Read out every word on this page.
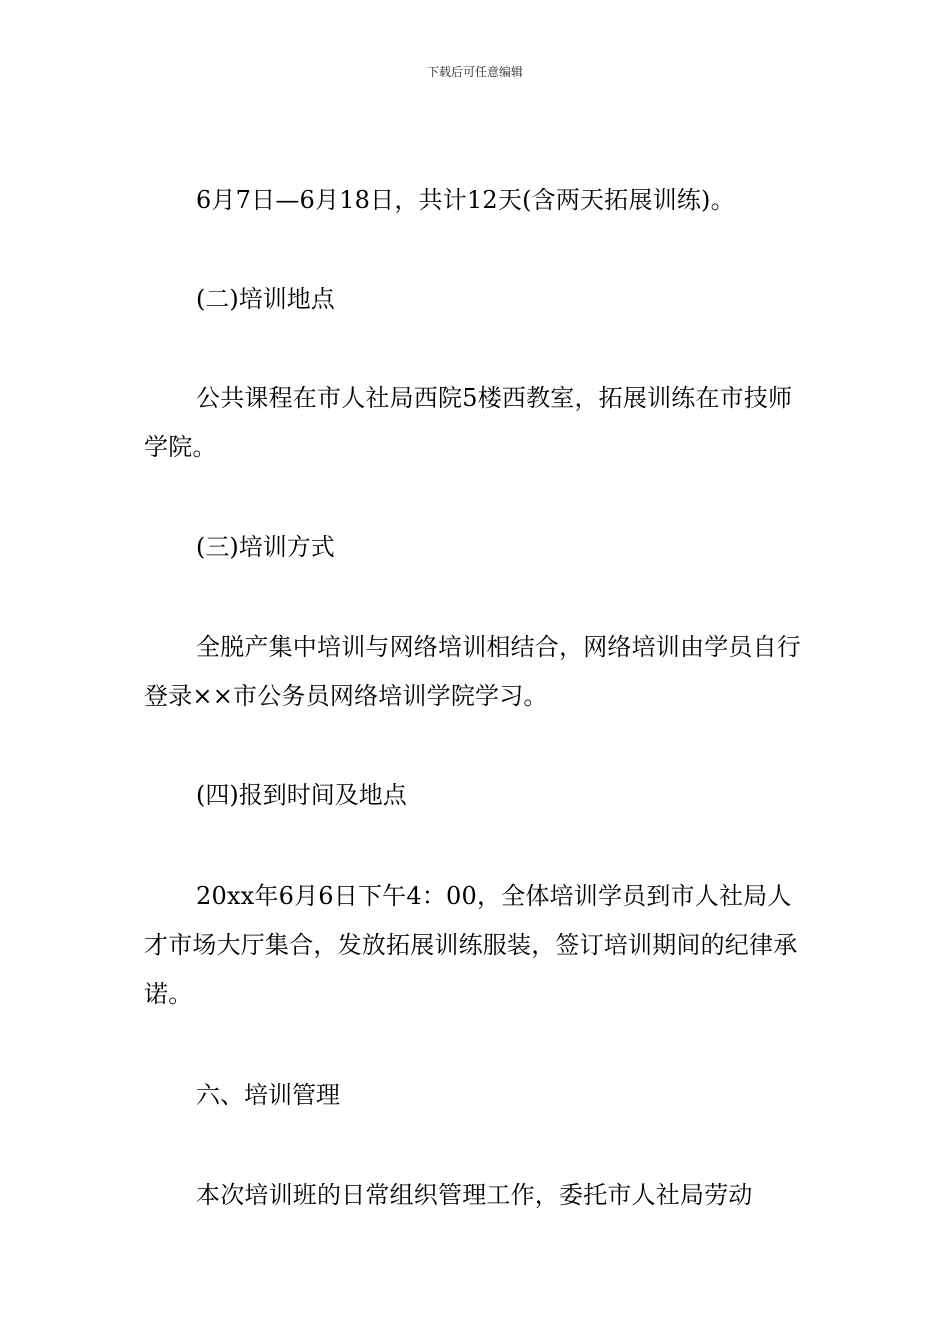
下载后可任意编辑

6月7日—6月18日，共计12天(含两天拓展训练)。

(二)培训地点

公共课程在市人社局西院5楼西教室，拓展训练在市技师学院。

(三)培训方式

全脱产集中培训与网络培训相结合，网络培训由学员自行登录××市公务员网络培训学院学习。

(四)报到时间及地点

20xx年6月6日下午4：00，全体培训学员到市人社局人才市场大厅集合，发放拓展训练服装，签订培训期间的纪律承诺。

六、培训管理

本次培训班的日常组织管理工作，委托市人社局劳动
